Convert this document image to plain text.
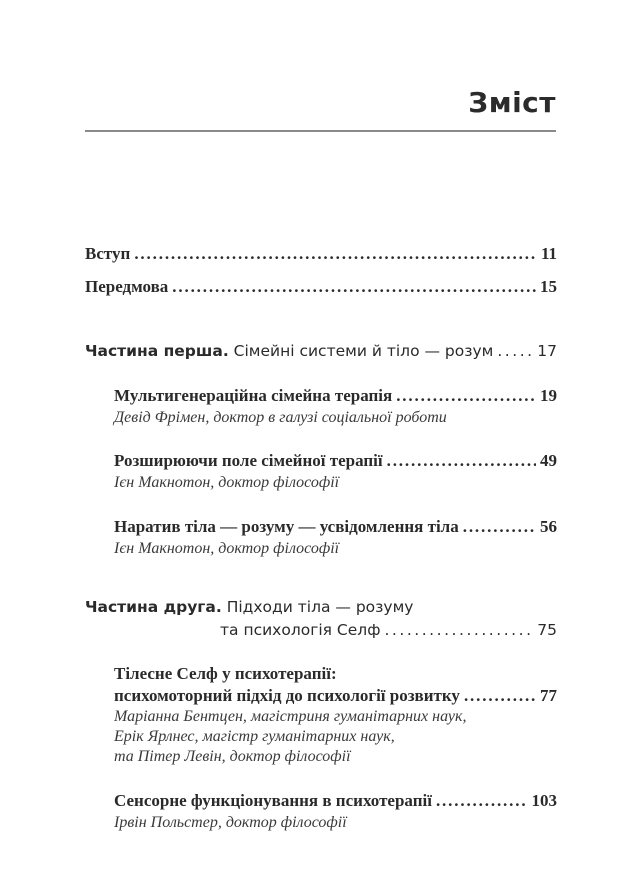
Зміст
Вступ . . .	11
Передмова . . .	15
Частина перша.
Сімейні системи й тіло — розум . . .	17
Мультигенераційна сімейна терапія . . .	19
Девід Фрімен, доктор в галузі соціальної роботи
Розширюючи поле сімейної терапії . . .	49
Ієн Макнотон, доктор філософії
Наратив тіла — розуму — усвідомлення тіла . . .	56
Ієн Макнотон, доктор філософії
Частина друга. Підходи тіла — розуму
та психологія Селф . . .	75
Тілесне Селф у психотерапії:
психомоторний підхід до психології розвитку . . .	77
Маріанна Бентцен, магістриня гуманітарних наук,
Ерік Ярлнес, магістр гуманітарних наук,
та Пітер Левін, доктор філософії
Сенсорне функціонування в психотерапії . . .	103
Ірвін Польстер, доктор філософії
